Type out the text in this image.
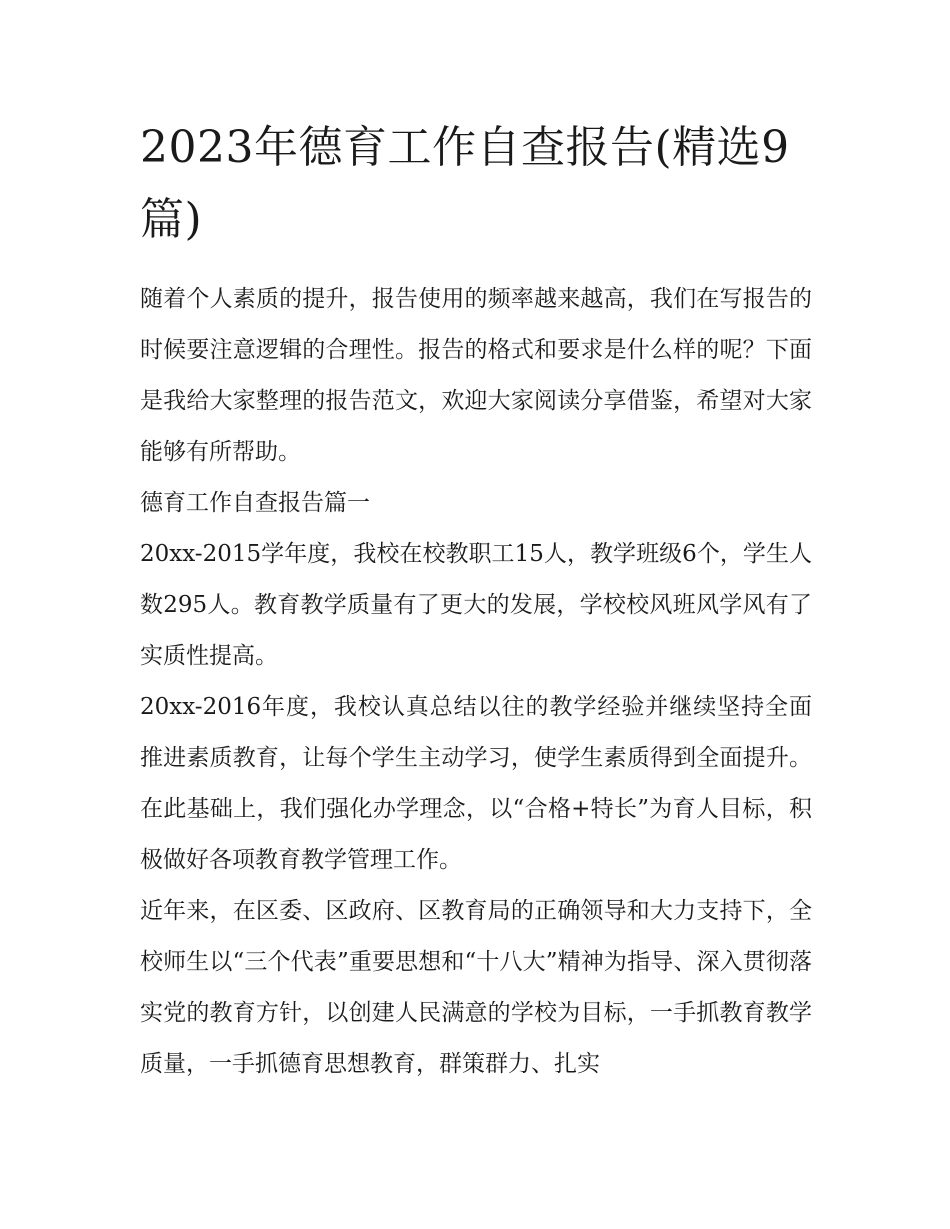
2023年德育工作自查报告(精选9篇)

随着个人素质的提升，报告使用的频率越来越高，我们在写报告的时候要注意逻辑的合理性。报告的格式和要求是什么样的呢？下面是我给大家整理的报告范文，欢迎大家阅读分享借鉴，希望对大家能够有所帮助。

德育工作自查报告篇一

20xx-2015学年度，我校在校教职工15人，教学班级6个，学生人数295人。教育教学质量有了更大的发展，学校校风班风学风有了实质性提高。

20xx-2016年度，我校认真总结以往的教学经验并继续坚持全面推进素质教育，让每个学生主动学习，使学生素质得到全面提升。在此基础上，我们强化办学理念，以“合格+特长”为育人目标，积极做好各项教育教学管理工作。

近年来，在区委、区政府、区教育局的正确领导和大力支持下，全校师生以“三个代表”重要思想和“十八大”精神为指导、深入贯彻落实党的教育方针，以创建人民满意的学校为目标，一手抓教育教学质量，一手抓德育思想教育，群策群力、扎实
